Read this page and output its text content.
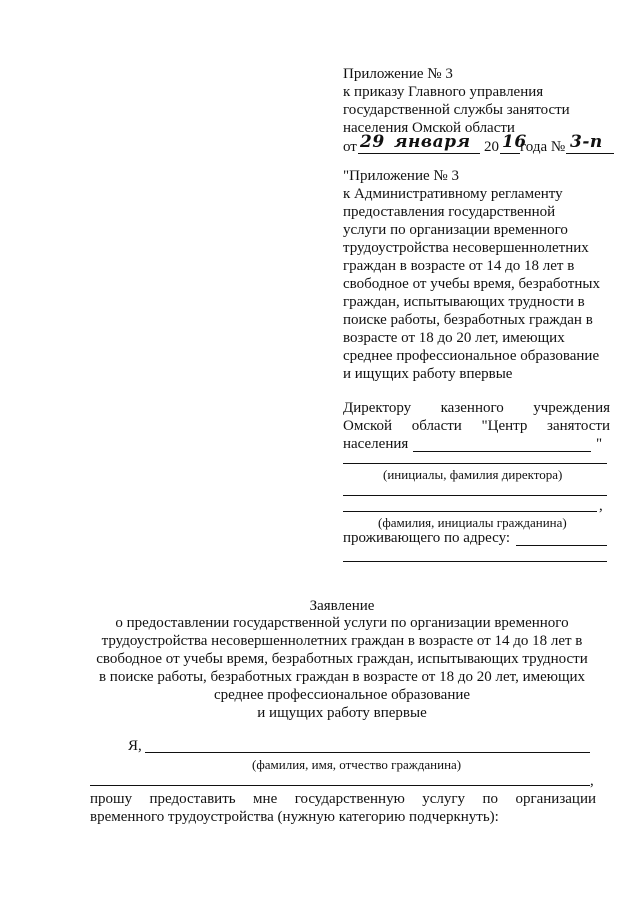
Приложение № 3
к приказу Главного управления
государственной службы занятости
населения Омской области
от 29 января 20 16
года № 3-п
"Приложение № 3
к Административному регламенту
предоставления государственной
услуги по организации временного
трудоустройства несовершеннолетних
граждан в возрасте от 14 до 18 лет в
свободное от учебы время, безработных
граждан, испытывающих трудности в
поиске работы, безработных граждан в
возрасте от 18 до 20 лет, имеющих
среднее профессиональное образование
и ищущих работу впервые
Директору казенного учреждения
Омской области "Центр занятости
населения	"
(инициалы, фамилия директора)
,
(фамилия, инициалы гражданина)
проживающего по адресу:
Заявление
о предоставлении государственной услуги по организации временного
трудоустройства несовершеннолетних граждан в возрасте от 14 до 18 лет в
свободное от учебы время, безработных граждан, испытывающих трудности
в поиске работы, безработных граждан в возрасте от 18 до 20 лет, имеющих
среднее профессиональное образование
и ищущих работу впервые
Я,
(фамилия, имя, отчество гражданина)
,
прошу предоставить мне государственную услугу по организации
временного трудоустройства (нужную категорию подчеркнуть):
